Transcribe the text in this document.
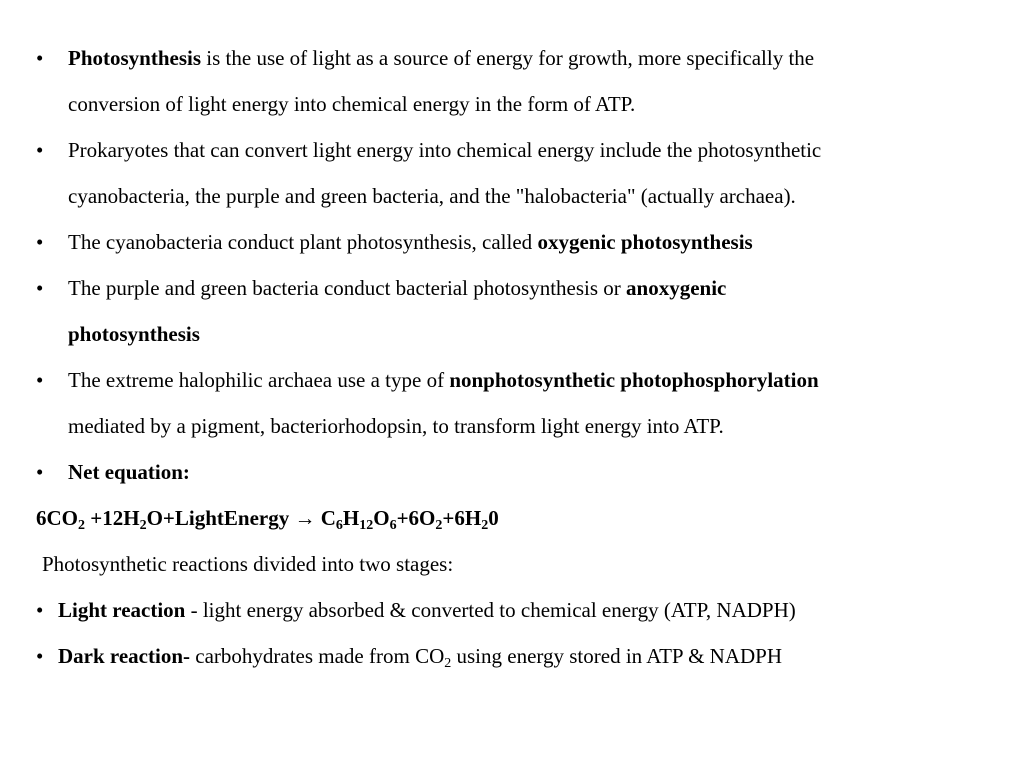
• Photosynthesis is the use of light as a source of energy for growth, more specifically the
conversion of light energy into chemical energy in the form of ATP.
• Prokaryotes that can convert light energy into chemical energy include the photosynthetic
cyanobacteria, the purple and green bacteria, and the "halobacteria" (actually archaea).
• The cyanobacteria conduct plant photosynthesis, called oxygenic photosynthesis
• The purple and green bacteria conduct bacterial photosynthesis or anoxygenic
photosynthesis
• The extreme halophilic archaea use a type of nonphotosynthetic photophosphorylation
mediated by a pigment, bacteriorhodopsin, to transform light energy into ATP.
• Net equation:
$6CO_2$ $+12H_2O+LightEnergy \to C_6H_{12}O_6+6O_2+6H_20$
Photosynthetic reactions divided into two stages:
• Light reaction - light energy absorbed & converted to chemical energy (ATP, NADPH)
• Dark reaction- carbohydrates made from $CO_2$ using energy stored in ATP & NADPH
